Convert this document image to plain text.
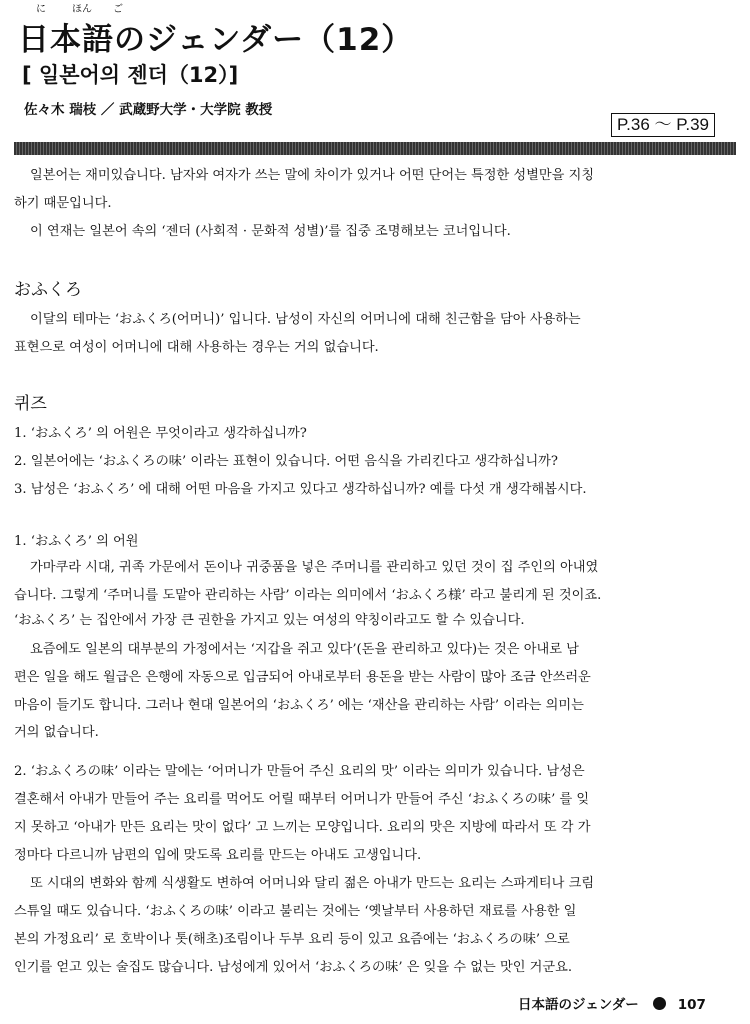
に	ほん ご
日本語のジェンダー（12）
[ 일본어의 젠더（12）]
佐々木 瑞枝 ／ 武蔵野大学・大学院 教授
P.36 ～ P.39
일본어는 재미있습니다. 남자와 여자가 쓰는 말에 차이가 있거나 어떤 단어는 특정한 성별만을 지칭
하기 때문입니다.
이 연재는 일본어 속의 ‘젠더 (사회적 · 문화적 성별)’를 집중 조명해보는 코너입니다.
おふくろ
이달의 테마는 ‘おふくろ(어머니)’ 입니다. 남성이 자신의 어머니에 대해 친근함을 담아 사용하는
표현으로 여성이 어머니에 대해 사용하는 경우는 거의 없습니다.
퀴즈
1. ‘おふくろ’ 의 어원은 무엇이라고 생각하십니까?
2. 일본어에는 ‘おふくろの味’ 이라는 표현이 있습니다. 어떤 음식을 가리킨다고 생각하십니까?
3. 남성은 ‘おふくろ’ 에 대해 어떤 마음을 가지고 있다고 생각하십니까? 예를 다섯 개 생각해봅시다.
1. ‘おふくろ’ 의 어원
가마쿠라 시대, 귀족 가문에서 돈이나 귀중품을 넣은 주머니를 관리하고 있던 것이 집 주인의 아내였
습니다. 그렇게 ‘주머니를 도맡아 관리하는 사람’ 이라는 의미에서 ‘おふくろ様’ 라고 불리게 된 것이죠.
‘おふくろ’ 는 집안에서 가장 큰 권한을 가지고 있는 여성의 약칭이라고도 할 수 있습니다.
요즘에도 일본의 대부분의 가정에서는 ‘지갑을 쥐고 있다’(돈을 관리하고 있다)는 것은 아내로 남
편은 일을 해도 월급은 은행에 자동으로 입금되어 아내로부터 용돈을 받는 사람이 많아 조금 안쓰러운
마음이 들기도 합니다. 그러나 현대 일본어의 ‘おふくろ’ 에는 ‘재산을 관리하는 사람’ 이라는 의미는
거의 없습니다.
2. ‘おふくろの味’ 이라는 말에는 ‘어머니가 만들어 주신 요리의 맛’ 이라는 의미가 있습니다. 남성은
결혼해서 아내가 만들어 주는 요리를 먹어도 어릴 때부터 어머니가 만들어 주신 ‘おふくろの味’ 를 잊
지 못하고 ‘아내가 만든 요리는 맛이 없다’ 고 느끼는 모양입니다. 요리의 맛은 지방에 따라서 또 각 가
정마다 다르니까 남편의 입에 맞도록 요리를 만드는 아내도 고생입니다.
또 시대의 변화와 함께 식생활도 변하여 어머니와 달리 젊은 아내가 만드는 요리는 스파게티나 크림
스튜일 때도 있습니다. ‘おふくろの味’ 이라고 불리는 것에는 ‘옛날부터 사용하던 재료를 사용한 일
본의 가정요리’ 로 호박이나 톳(해초)조림이나 두부 요리 등이 있고 요즘에는 ‘おふくろの味’ 으로
인기를 얻고 있는 술집도 많습니다. 남성에게 있어서 ‘おふくろの味’ 은 잊을 수 없는 맛인 거군요.
日本語のジェンダー	107
